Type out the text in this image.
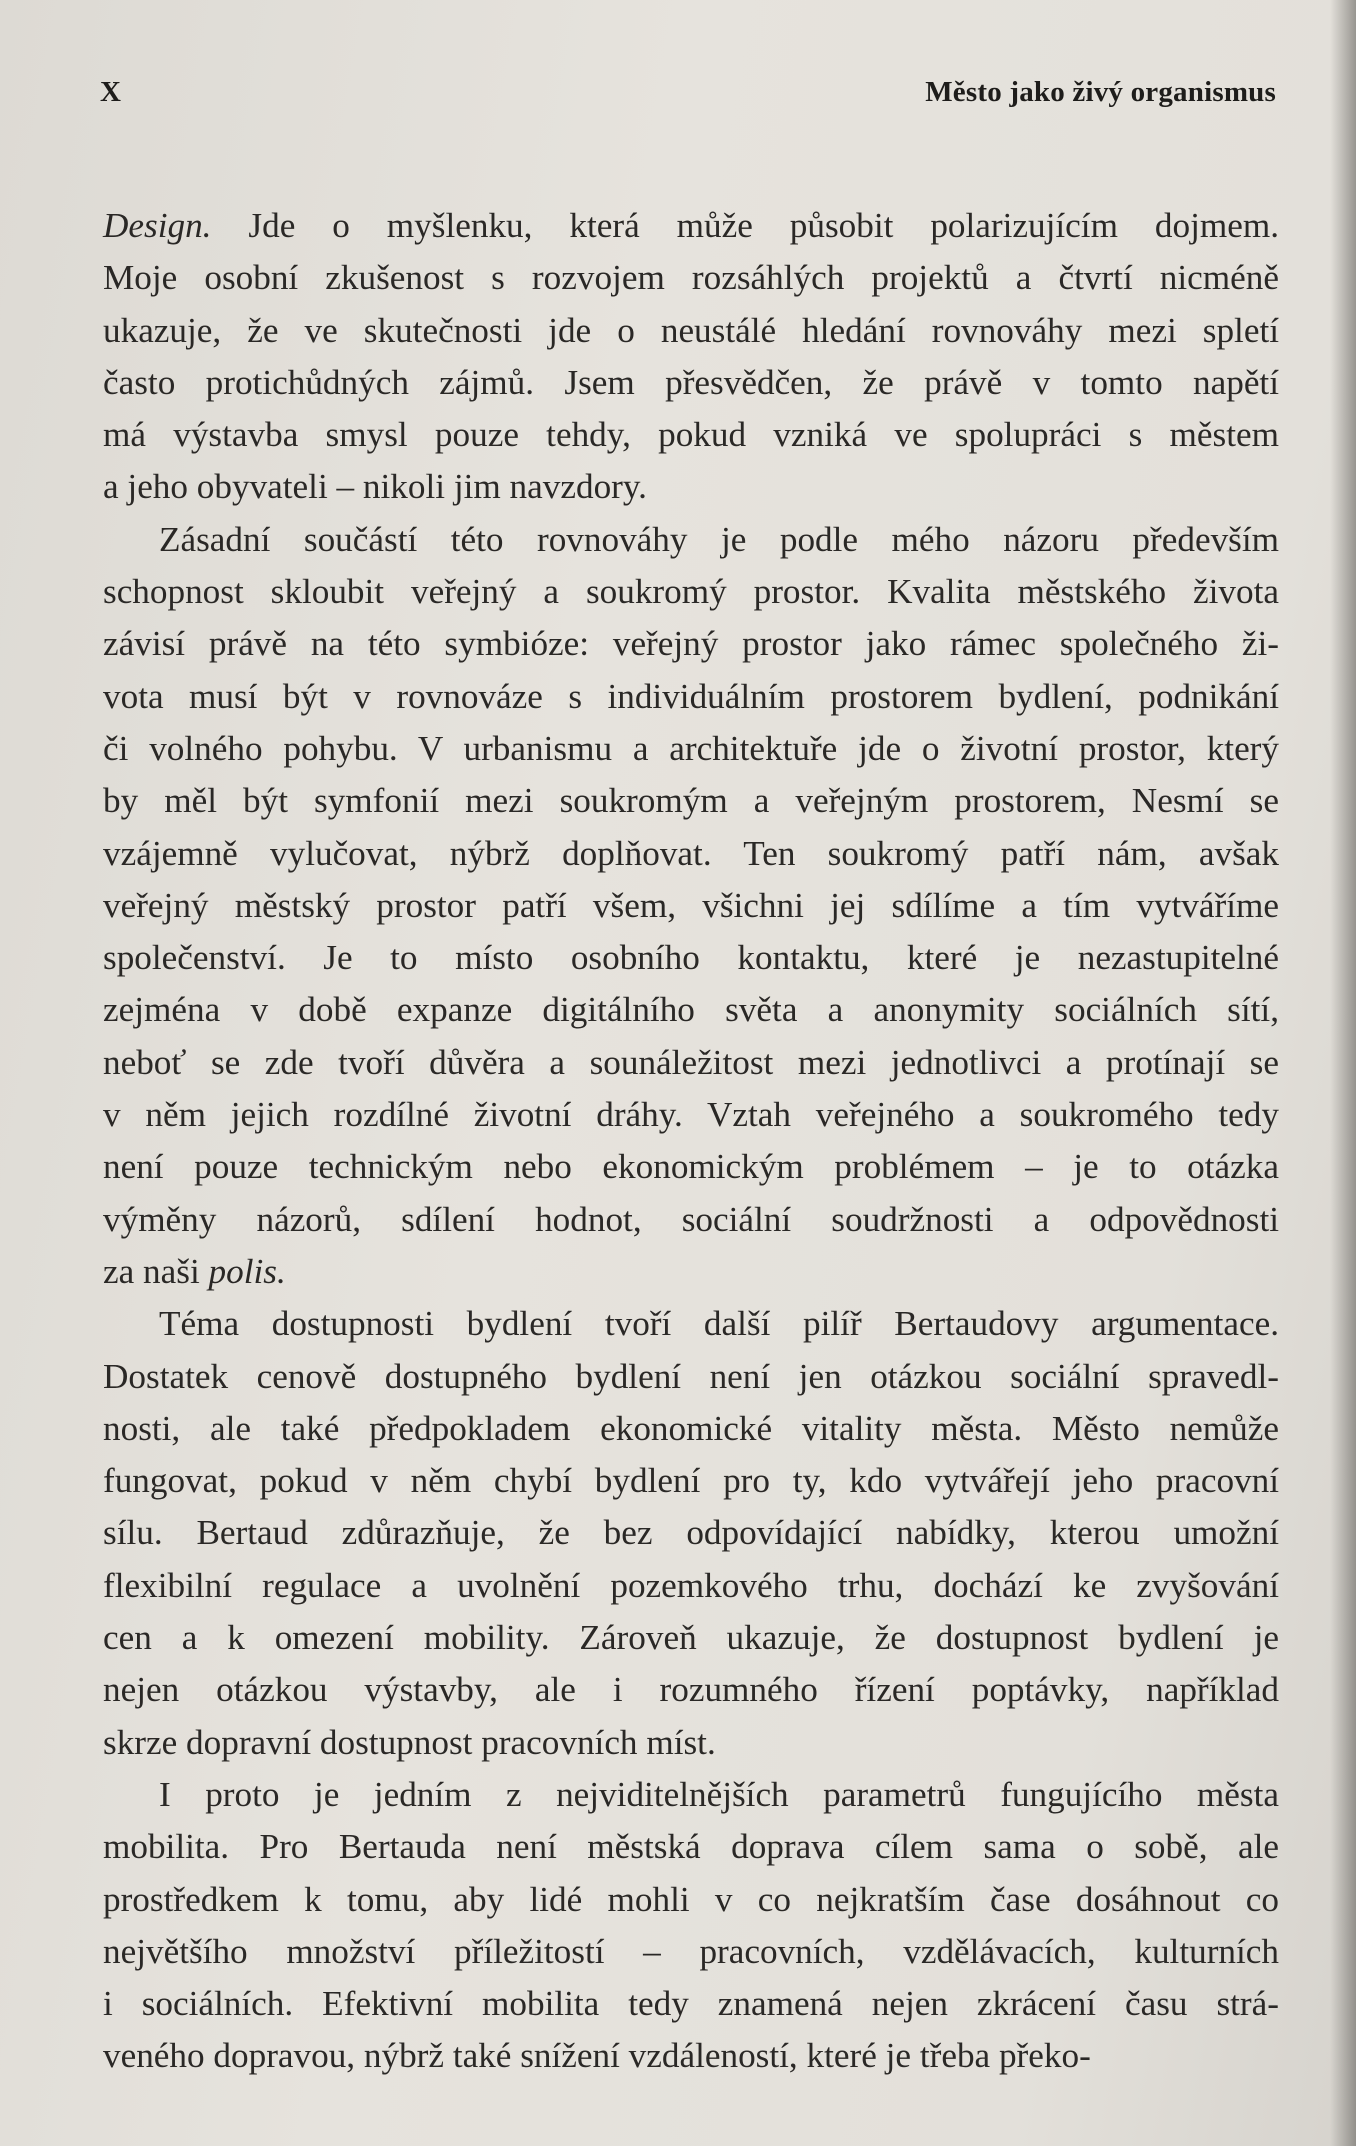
X	Město jako živý organismus
Design. Jde o myšlenku, která může působit polarizujícím dojmem.
Moje osobní zkušenost s rozvojem rozsáhlých projektů a čtvrtí nicméně
ukazuje, že ve skutečnosti jde o neustálé hledání rovnováhy mezi spletí
často protichůdných zájmů. Jsem přesvědčen, že právě v tomto napětí
má výstavba smysl pouze tehdy, pokud vzniká ve spolupráci s městem
a jeho obyvateli – nikoli jim navzdory.
Zásadní součástí této rovnováhy je podle mého názoru především
schopnost skloubit veřejný a soukromý prostor. Kvalita městského života
závisí právě na této symbióze: veřejný prostor jako rámec společného ži-
vota musí být v rovnováze s individuálním prostorem bydlení, podnikání
či volného pohybu. V urbanismu a architektuře jde o životní prostor, který
by měl být symfonií mezi soukromým a veřejným prostorem, Nesmí se
vzájemně vylučovat, nýbrž doplňovat. Ten soukromý patří nám, avšak
veřejný městský prostor patří všem, všichni jej sdílíme a tím vytváříme
společenství. Je to místo osobního kontaktu, které je nezastupitelné
zejména v době expanze digitálního světa a anonymity sociálních sítí,
neboť se zde tvoří důvěra a sounáležitost mezi jednotlivci a protínají se
v něm jejich rozdílné životní dráhy. Vztah veřejného a soukromého tedy
není pouze technickým nebo ekonomickým problémem – je to otázka
výměny názorů, sdílení hodnot, sociální soudržnosti a odpovědnosti
za naši polis.
Téma dostupnosti bydlení tvoří další pilíř Bertaudovy argumentace.
Dostatek cenově dostupného bydlení není jen otázkou sociální spravedl-
nosti, ale také předpokladem ekonomické vitality města. Město nemůže
fungovat, pokud v něm chybí bydlení pro ty, kdo vytvářejí jeho pracovní
sílu. Bertaud zdůrazňuje, že bez odpovídající nabídky, kterou umožní
flexibilní regulace a uvolnění pozemkového trhu, dochází ke zvyšování
cen a k omezení mobility. Zároveň ukazuje, že dostupnost bydlení je
nejen otázkou výstavby, ale i rozumného řízení poptávky, například
skrze dopravní dostupnost pracovních míst.
I proto je jedním z nejviditelnějších parametrů fungujícího města
mobilita. Pro Bertauda není městská doprava cílem sama o sobě, ale
prostředkem k tomu, aby lidé mohli v co nejkratším čase dosáhnout co
největšího množství příležitostí – pracovních, vzdělávacích, kulturních
i sociálních. Efektivní mobilita tedy znamená nejen zkrácení času strá-
veného dopravou, nýbrž také snížení vzdáleností, které je třeba překo-
